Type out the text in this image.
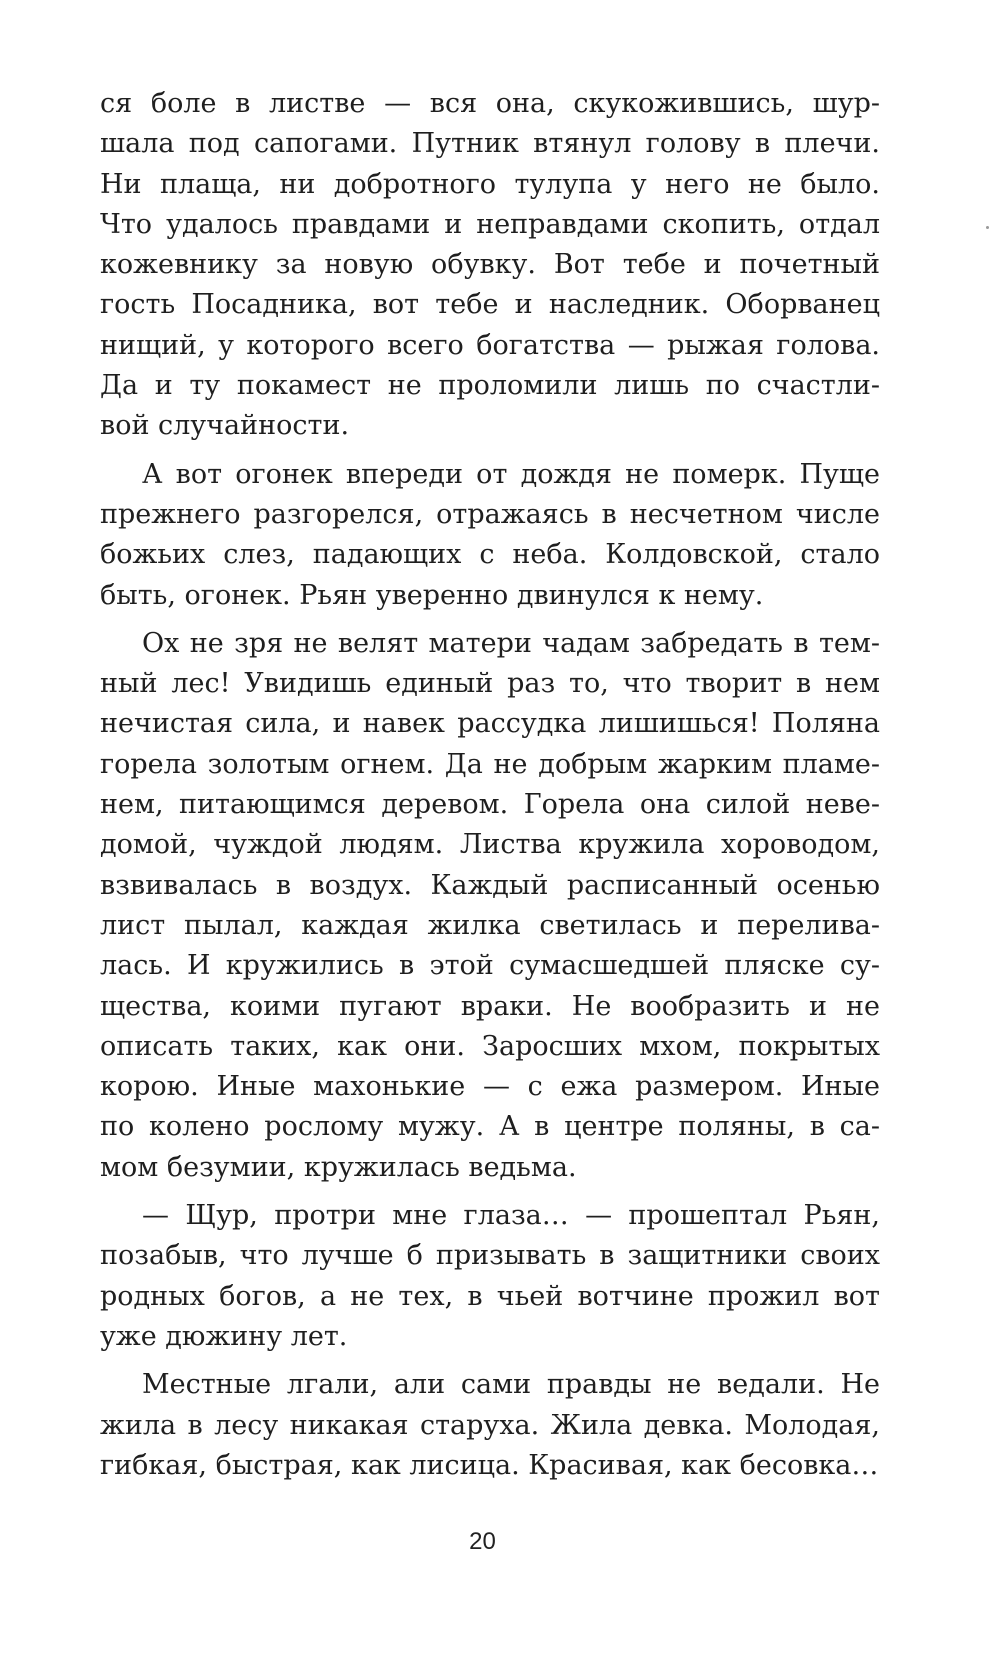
ся боле в листве — вся она, скукожившись, шур-
шала под сапогами. Путник втянул голову в плечи.
Ни плаща, ни добротного тулупа у него не было.
Что удалось правдами и неправдами скопить, отдал
кожевнику за новую обувку. Вот тебе и почетный
гость Посадника, вот тебе и наследник. Оборванец
нищий, у которого всего богатства — рыжая голова.
Да и ту покамест не проломили лишь по счастли-
вой случайности.
А вот огонек впереди от дождя не померк. Пуще
прежнего разгорелся, отражаясь в несчетном числе
божьих слез, падающих с неба. Колдовской, стало
быть, огонек. Рьян уверенно двинулся к нему.
Ох не зря не велят матери чадам забредать в тем-
ный лес! Увидишь единый раз то, что творит в нем
нечистая сила, и навек рассудка лишишься! Поляна
горела золотым огнем. Да не добрым жарким пламе-
нем, питающимся деревом. Горела она силой неве-
домой, чуждой людям. Листва кружила хороводом,
взвивалась в воздух. Каждый расписанный осенью
лист пылал, каждая жилка светилась и перелива-
лась. И кружились в этой сумасшедшей пляске су-
щества, коими пугают враки. Не вообразить и не
описать таких, как они. Заросших мхом, покрытых
корою. Иные махонькие — с ежа размером. Иные
по колено рослому мужу. А в центре поляны, в са-
мом безумии, кружилась ведьма.
— Щур, протри мне глаза… — прошептал Рьян,
позабыв, что лучше б призывать в защитники своих
родных богов, а не тех, в чьей вотчине прожил вот
уже дюжину лет.
Местные лгали, али сами правды не ведали. Не
жила в лесу никакая старуха. Жила девка. Молодая,
гибкая, быстрая, как лисица. Красивая, как бесовка…
20
